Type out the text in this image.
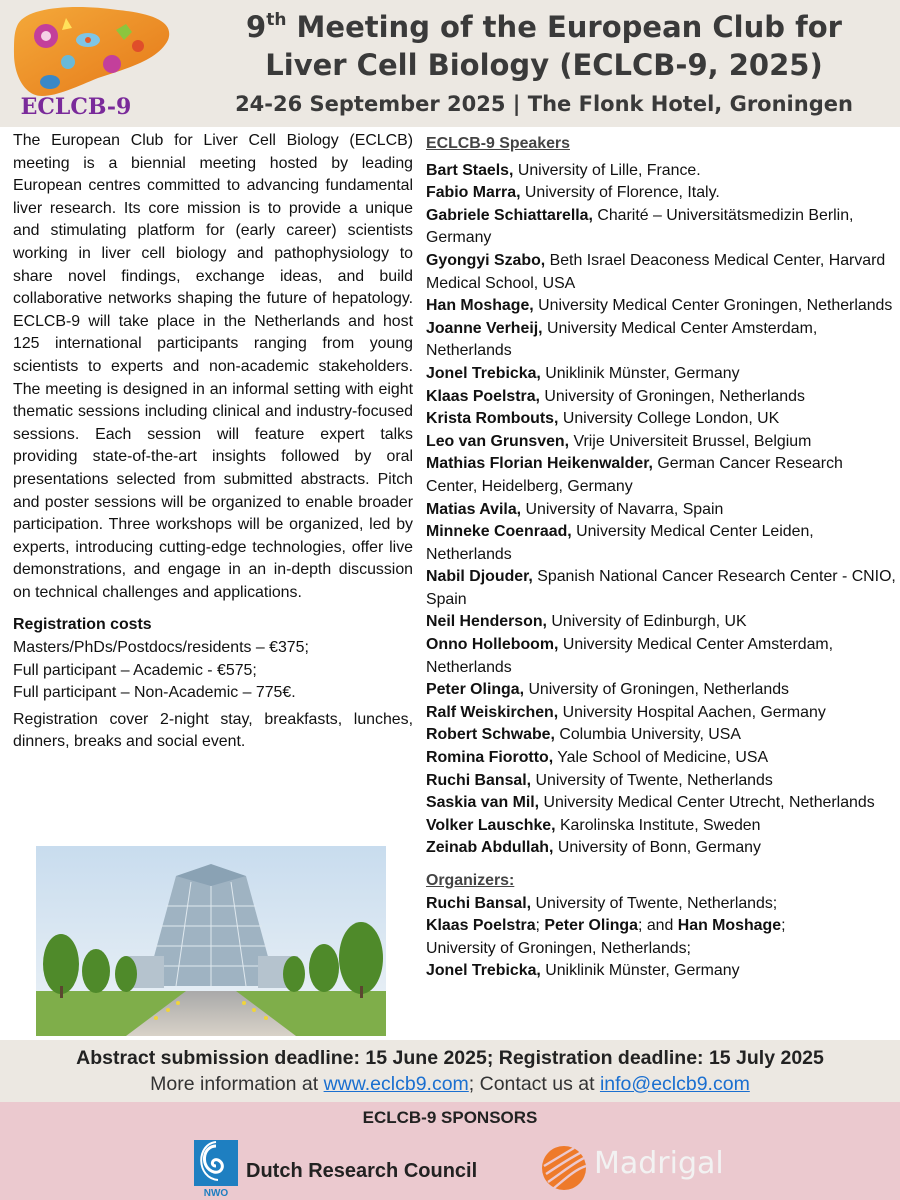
ECLCB-9
9th Meeting of the European Club for
Liver Cell Biology (ECLCB-9, 2025)
24-26 September 2025 | The Flonk Hotel, Groningen

The European Club for Liver Cell Biology (ECLCB) meeting is a biennial meeting hosted by leading European centres committed to advancing fundamental liver research. Its core mission is to provide a unique and stimulating platform for (early career) scientists working in liver cell biology and pathophysiology to share novel findings, exchange ideas, and build collaborative networks shaping the future of hepatology. ECLCB-9 will take place in the Netherlands and host 125 international participants ranging from young scientists to experts and non-academic stakeholders. The meeting is designed in an informal setting with eight thematic sessions including clinical and industry-focused sessions. Each session will feature expert talks providing state-of-the-art insights followed by oral presentations selected from submitted abstracts. Pitch and poster sessions will be organized to enable broader participation. Three workshops will be organized, led by experts, introducing cutting-edge technologies, offer live demonstrations, and engage in an in-depth discussion on technical challenges and applications.

Registration costs

Masters/PhDs/Postdocs/residents – €375;

Full participant – Academic - €575;

Full participant – Non-Academic – 775€.

Registration cover 2-night stay, breakfasts, lunches, dinners, breaks and social event.

ECLCB-9 Speakers

Bart Staels, University of Lille, France.

Fabio Marra, University of Florence, Italy.

Gabriele Schiattarella, Charité – Universitätsmedizin Berlin, Germany

Gyongyi Szabo, Beth Israel Deaconess Medical Center, Harvard Medical School, USA

Han Moshage, University Medical Center Groningen, Netherlands

Joanne Verheij, University Medical Center Amsterdam, Netherlands

Jonel Trebicka, Uniklinik Münster, Germany

Klaas Poelstra, University of Groningen, Netherlands

Krista Rombouts, University College London, UK

Leo van Grunsven, Vrije Universiteit Brussel, Belgium

Mathias Florian Heikenwalder, German Cancer Research Center, Heidelberg, Germany

Matias Avila, University of Navarra, Spain

Minneke Coenraad, University Medical Center Leiden, Netherlands

Nabil Djouder, Spanish National Cancer Research Center - CNIO, Spain

Neil Henderson, University of Edinburgh, UK

Onno Holleboom, University Medical Center Amsterdam, Netherlands

Peter Olinga, University of Groningen, Netherlands

Ralf Weiskirchen, University Hospital Aachen, Germany

Robert Schwabe, Columbia University, USA

Romina Fiorotto, Yale School of Medicine, USA

Ruchi Bansal, University of Twente, Netherlands

Saskia van Mil, University Medical Center Utrecht, Netherlands

Volker Lauschke, Karolinska Institute, Sweden

Zeinab Abdullah, University of Bonn, Germany

Organizers:

Ruchi Bansal, University of Twente, Netherlands;

Klaas Poelstra; Peter Olinga; and Han Moshage;

University of Groningen, Netherlands;

Jonel Trebicka, Uniklinik Münster, Germany

Abstract submission deadline: 15 June 2025; Registration deadline: 15 July 2025
More information at www.eclcb9.com; Contact us at info@eclcb9.com
ECLCB-9 SPONSORS
NWO
Dutch Research Council	Madrigal
